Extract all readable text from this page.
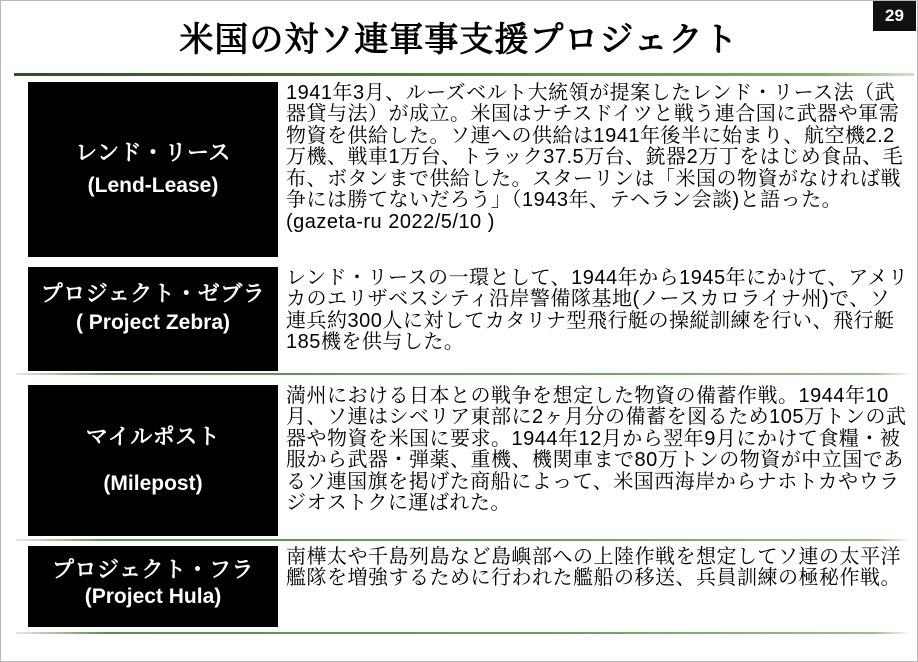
29
米国の対ソ連軍事支援プロジェクト
レンド・リース
(Lend-Lease)
1941年3月、ルーズベルト大統領が提案したレンド・リース法（武器貸与法）が成立。米国はナチスドイツと戦う連合国に武器や軍需物資を供給した。ソ連への供給は1941年後半に始まり、航空機2.2万機、戦車1万台、トラック37.5万台、銃器2万丁をはじめ食品、毛布、ボタンまで供給した。スターリンは「米国の物資がなければ戦争には勝てないだろう」（1943年、テヘラン会談)と語った。(gazeta-ru 2022/5/10 )
プロジェクト・ゼブラ
( Project Zebra)
レンド・リースの一環として、1944年から1945年にかけて、アメリカのエリザベスシティ沿岸警備隊基地(ノースカロライナ州)で、ソ連兵約300人に対してカタリナ型飛行艇の操縦訓練を行い、飛行艇185機を供与した。
マイルポスト
(Milepost)
満州における日本との戦争を想定した物資の備蓄作戦。1944年10月、ソ連はシベリア東部に2ヶ月分の備蓄を図るため105万トンの武器や物資を米国に要求。1944年12月から翌年9月にかけて食糧・被服から武器・弾薬、重機、機関車まで80万トンの物資が中立国であるソ連国旗を掲げた商船によって、米国西海岸からナホトカやウラジオストクに運ばれた。
プロジェクト・フラ
(Project Hula)
南樺太や千島列島など島嶼部への上陸作戦を想定してソ連の太平洋艦隊を増強するために行われた艦船の移送、兵員訓練の極秘作戦。
